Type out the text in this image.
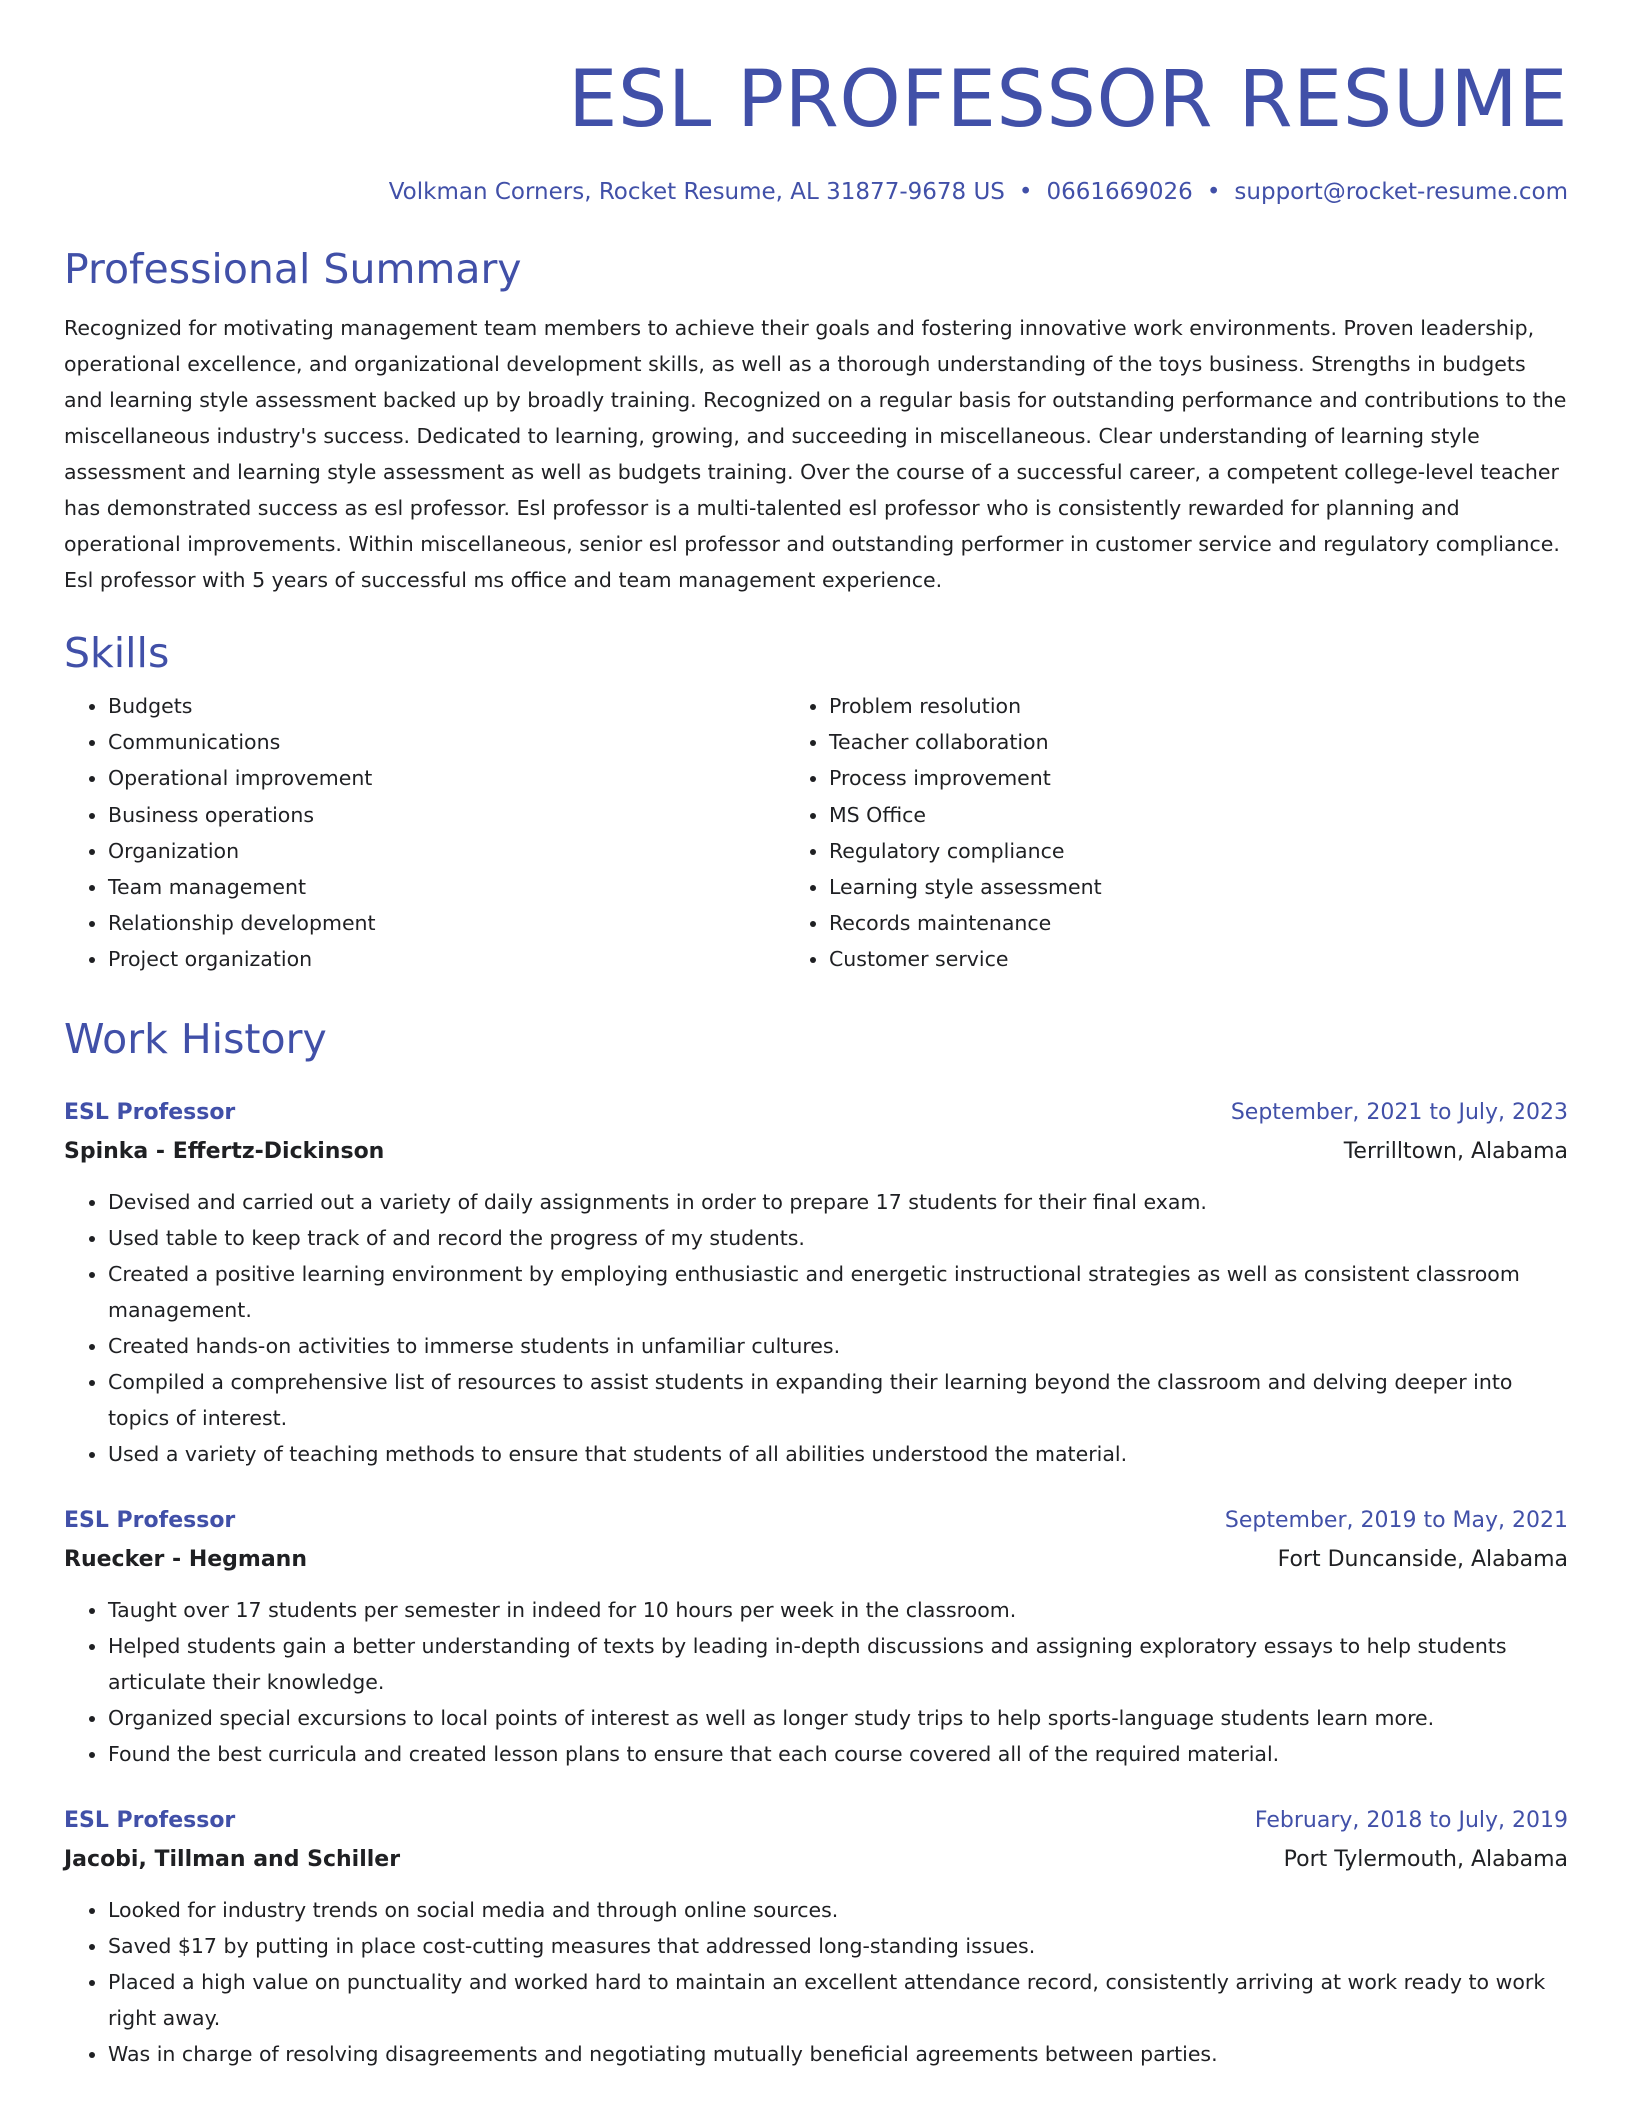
ESL PROFESSOR RESUME
Volkman Corners, Rocket Resume, AL 31877-9678 US • 0661669026 • support@rocket-resume.com
Professional Summary

Recognized for motivating management team members to achieve their goals and fostering innovative work environments. Proven leadership, operational excellence, and organizational development skills, as well as a thorough understanding of the toys business. Strengths in budgets and learning style assessment backed up by broadly training. Recognized on a regular basis for outstanding performance and contributions to the miscellaneous industry's success. Dedicated to learning, growing, and succeeding in miscellaneous. Clear understanding of learning style assessment and learning style assessment as well as budgets training. Over the course of a successful career, a competent college-level teacher has demonstrated success as esl professor. Esl professor is a multi-talented esl professor who is consistently rewarded for planning and operational improvements. Within miscellaneous, senior esl professor and outstanding performer in customer service and regulatory compliance. Esl professor with 5 years of successful ms office and team management experience.

Skills
• Budgets
• Communications
• Operational improvement
• Business operations
• Organization
• Team management
• Relationship development
• Project organization
• Problem resolution
• Teacher collaboration
• Process improvement
• MS Office
• Regulatory compliance
• Learning style assessment
• Records maintenance
• Customer service
Work History
ESL Professor	September, 2021 to July, 2023
Spinka - Effertz-Dickinson	Terrilltown, Alabama
• Devised and carried out a variety of daily assignments in order to prepare 17 students for their final exam.
• Used table to keep track of and record the progress of my students.
• Created a positive learning environment by employing enthusiastic and energetic instructional strategies as well as consistent classroom management.
• Created hands-on activities to immerse students in unfamiliar cultures.
• Compiled a comprehensive list of resources to assist students in expanding their learning beyond the classroom and delving deeper into topics of interest.
• Used a variety of teaching methods to ensure that students of all abilities understood the material.
ESL Professor	September, 2019 to May, 2021
Ruecker - Hegmann	Fort Duncanside, Alabama
• Taught over 17 students per semester in indeed for 10 hours per week in the classroom.
• Helped students gain a better understanding of texts by leading in-depth discussions and assigning exploratory essays to help students articulate their knowledge.
• Organized special excursions to local points of interest as well as longer study trips to help sports-language students learn more.
• Found the best curricula and created lesson plans to ensure that each course covered all of the required material.
ESL Professor	February, 2018 to July, 2019
Jacobi, Tillman and Schiller	Port Tylermouth, Alabama
• Looked for industry trends on social media and through online sources.
• Saved $17 by putting in place cost-cutting measures that addressed long-standing issues.
• Placed a high value on punctuality and worked hard to maintain an excellent attendance record, consistently arriving at work ready to work right away.
• Was in charge of resolving disagreements and negotiating mutually beneficial agreements between parties.
